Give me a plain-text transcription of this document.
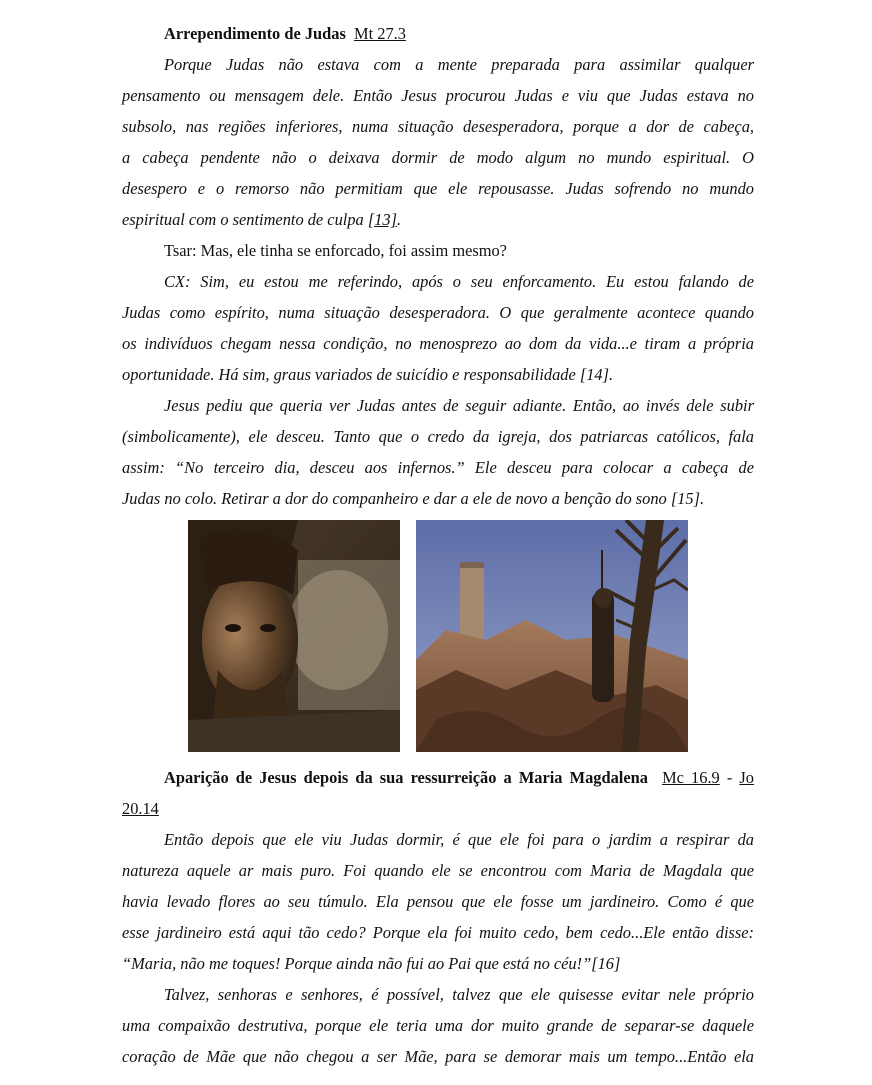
Arrependimento de Judas Mt 27.3
Porque Judas não estava com a mente preparada para assimilar qualquer
pensamento ou mensagem dele. Então Jesus procurou Judas e viu que Judas estava no
subsolo, nas regiões inferiores, numa situação desesperadora, porque a dor de cabeça,
a cabeça pendente não o deixava dormir de modo algum no mundo espiritual. O
desespero e o remorso não permitiam que ele repousasse. Judas sofrendo no mundo
espiritual com o sentimento de culpa [13].
Tsar: Mas, ele tinha se enforcado, foi assim mesmo?
CX: Sim, eu estou me referindo, após o seu enforcamento. Eu estou falando de
Judas como espírito, numa situação desesperadora. O que geralmente acontece quando
os indivíduos chegam nessa condição, no menosprezo ao dom da vida...e tiram a própria
oportunidade. Há sim, graus variados de suicídio e responsabilidade [14].
Jesus pediu que queria ver Judas antes de seguir adiante. Então, ao invés dele subir
(simbolicamente), ele desceu. Tanto que o credo da igreja, dos patriarcas católicos, fala
assim: “No terceiro dia, desceu aos infernos.” Ele desceu para colocar a cabeça de
Judas no colo. Retirar a dor do companheiro e dar a ele de novo a benção do sono [15].
Aparição de Jesus depois da sua ressurreição a Maria Magdalena Mc 16.9 - Jo
20.14
Então depois que ele viu Judas dormir, é que ele foi para o jardim a respirar da
natureza aquele ar mais puro. Foi quando ele se encontrou com Maria de Magdala que
havia levado flores ao seu túmulo. Ela pensou que ele fosse um jardineiro. Como é que
esse jardineiro está aqui tão cedo? Porque ela foi muito cedo, bem cedo...Ele então disse:
“Maria, não me toques! Porque ainda não fui ao Pai que está no céu!”[16]
Talvez, senhoras e senhores, é possível, talvez que ele quisesse evitar nele próprio
uma compaixão destrutiva, porque ele teria uma dor muito grande de separar-se daquele
coração de Mãe que não chegou a ser Mãe, para se demorar mais um tempo...Então ela
